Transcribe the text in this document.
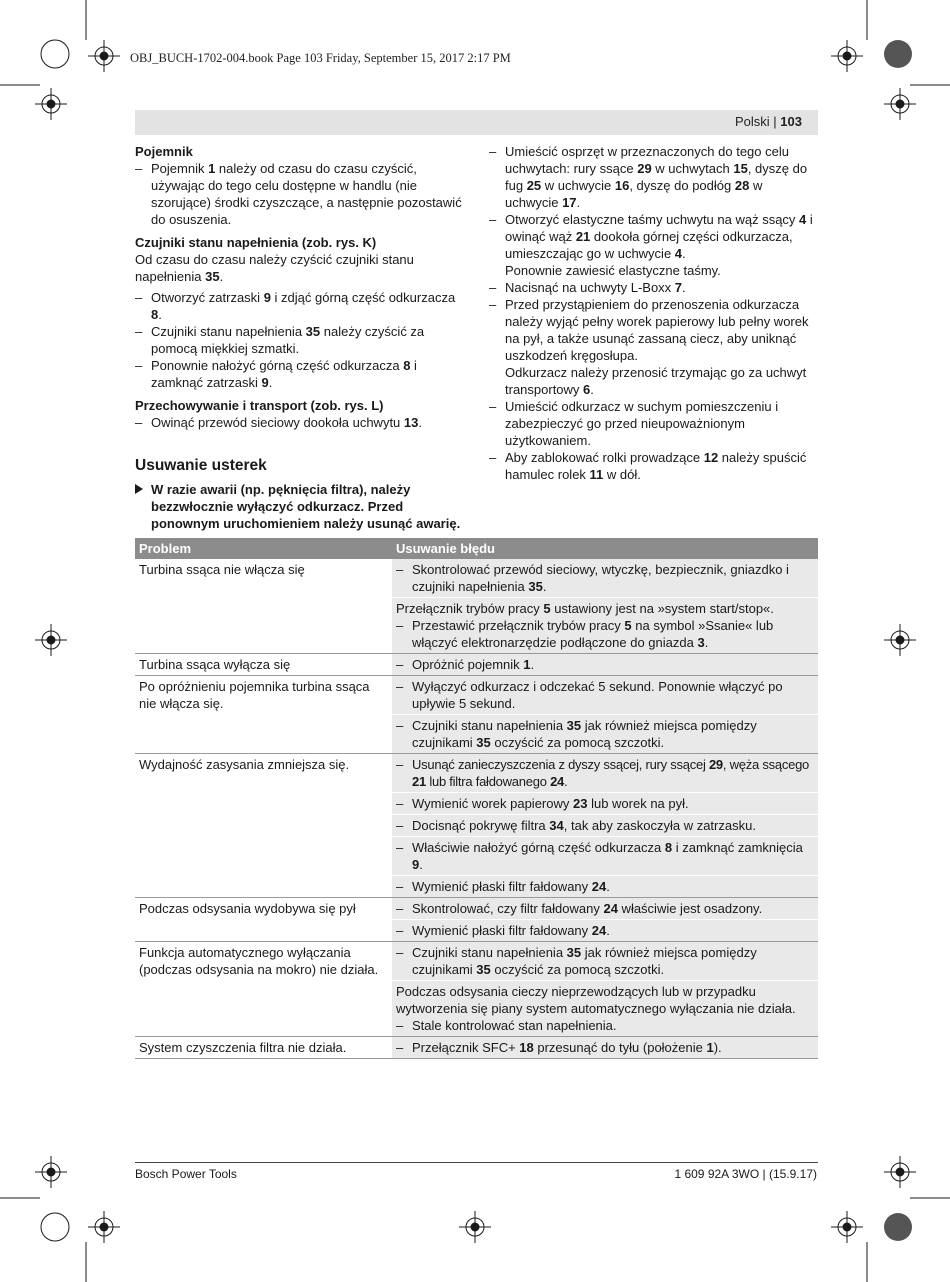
OBJ_BUCH-1702-004.book Page 103 Friday, September 15, 2017 2:17 PM
Polski | 103

Pojemnik

– Pojemnik 1 należy od czasu do czasu czyścić, używając do tego celu dostępne w handlu (nie szorujące) środki czyszczące, a następnie pozostawić do osuszenia.

Czujniki stanu napełnienia (zob. rys. K)

Od czasu do czasu należy czyścić czujniki stanu napełnienia 35.

– Otworzyć zatrzaski 9 i zdjąć górną część odkurzacza 8.

– Czujniki stanu napełnienia 35 należy czyścić za pomocą miękkiej szmatki.

– Ponownie nałożyć górną część odkurzacza 8 i zamknąć zatrzaski 9.

Przechowywanie i transport (zob. rys. L)

– Owinąć przewód sieciowy dookoła uchwytu 13.

– Umieścić osprzęt w przeznaczonych do tego celu uchwytach: rury ssące 29 w uchwytach 15, dyszę do fug 25 w uchwycie 16, dyszę do podłóg 28 w uchwycie 17.

– Otworzyć elastyczne taśmy uchwytu na wąż ssący 4 i owinąć wąż 21 dookoła górnej części odkurzacza, umieszczając go w uchwycie 4.

Ponownie zawiesić elastyczne taśmy.

– Nacisnąć na uchwyty L-Boxx 7.

– Przed przystąpieniem do przenoszenia odkurzacza należy wyjąć pełny worek papierowy lub pełny worek na pył, a także usunąć zassaną ciecz, aby uniknąć uszkodzeń kręgosłupa.

Odkurzacz należy przenosić trzymając go za uchwyt transportowy 6.

– Umieścić odkurzacz w suchym pomieszczeniu i zabezpieczyć go przed nieupoważnionym użytkowaniem.

– Aby zablokować rolki prowadzące 12 należy spuścić hamulec rolek 11 w dół.

Usuwanie usterek
W razie awarii (np. pęknięcia filtra), należy bezzwłocznie wyłączyć odkurzacz. Przed ponownym uruchomieniem należy usunąć awarię.
Problem	Usuwanie błędu
Turbina ssąca nie włącza się	– Skontrolować przewód sieciowy, wtyczkę, bezpiecznik, gniazdko i czujniki napełnienia 35.

	Przełącznik trybów pracy 5 ustawiony jest na »system start/stop«.
– Przestawić przełącznik trybów pracy 5 na symbol »Ssanie« lub włączyć elektronarzędzie podłączone do gniazda 3.

Turbina ssąca wyłącza się	– Opróżnić pojemnik 1.

Po opróżnieniu pojemnika turbina ssąca nie włącza się.	– Wyłączyć odkurzacz i odczekać 5 sekund. Ponownie włączyć po upływie 5 sekund.

	– Czujniki stanu napełnienia 35 jak również miejsca pomiędzy czujnikami 35 oczyścić za pomocą szczotki.

Wydajność zasysania zmniejsza się.	– Usunąć zanieczyszczenia z dyszy ssącej, rury ssącej 29, węża ssącego 21 lub filtra fałdowanego 24.

	– Wymienić worek papierowy 23 lub worek na pył.

	– Docisnąć pokrywę filtra 34, tak aby zaskoczyła w zatrzasku.

	– Właściwie nałożyć górną część odkurzacza 8 i zamknąć zamknięcia 9.

	– Wymienić płaski filtr fałdowany 24.

Podczas odsysania wydobywa się pył	– Skontrolować, czy filtr fałdowany 24 właściwie jest osadzony.

	– Wymienić płaski filtr fałdowany 24.

Funkcja automatycznego wyłączania (podczas odsysania na mokro) nie działa.	– Czujniki stanu napełnienia 35 jak również miejsca pomiędzy czujnikami 35 oczyścić za pomocą szczotki.

	Podczas odsysania cieczy nieprzewodzących lub w przypadku wytworzenia się piany system automatycznego wyłączania nie działa.
– Stale kontrolować stan napełnienia.

System czyszczenia filtra nie działa.	– Przełącznik SFC+ 18 przesunąć do tyłu (położenie 1).
Bosch Power Tools	1 609 92A 3WO | (15.9.17)
